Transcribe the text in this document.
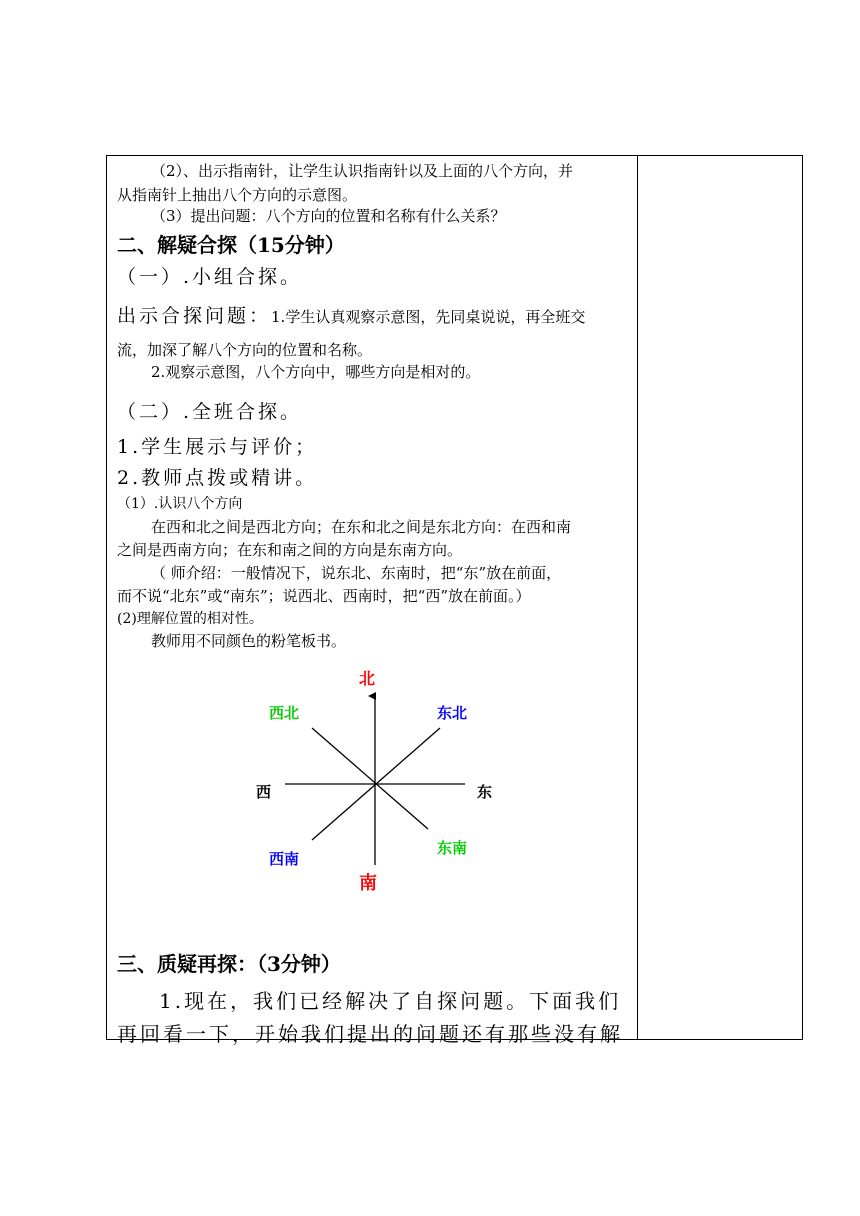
（2）、出示指南针，让学生认识指南针以及上面的八个方向，并
从指南针上抽出八个方向的示意图。
（3）提出问题：八个方向的位置和名称有什么关系？
二、解疑合探（15分钟）
（一）.小组合探。
出示合探问题：1.学生认真观察示意图，先同桌说说，再全班交
流，加深了解八个方向的位置和名称。
2.观察示意图，八个方向中，哪些方向是相对的。
（二）.全班合探。
1.学生展示与评价；
2.教师点拨或精讲。
（1）.认识八个方向
在西和北之间是西北方向；在东和北之间是东北方向：在西和南
之间是西南方向；在东和南之间的方向是东南方向。
（ 师介绍：一般情况下，说东北、东南时，把“东”放在前面，
而不说“北东”或“南东”；说西北、西南时，把“西”放在前面。）
(2)理解位置的相对性。
教师用不同颜色的粉笔板书。
三、质疑再探：（3分钟）
1.现在，我们已经解决了自探问题。下面我们
再回看一下，开始我们提出的问题还有那些没有解
北
西北	东北
西	东
东南
西南
南
